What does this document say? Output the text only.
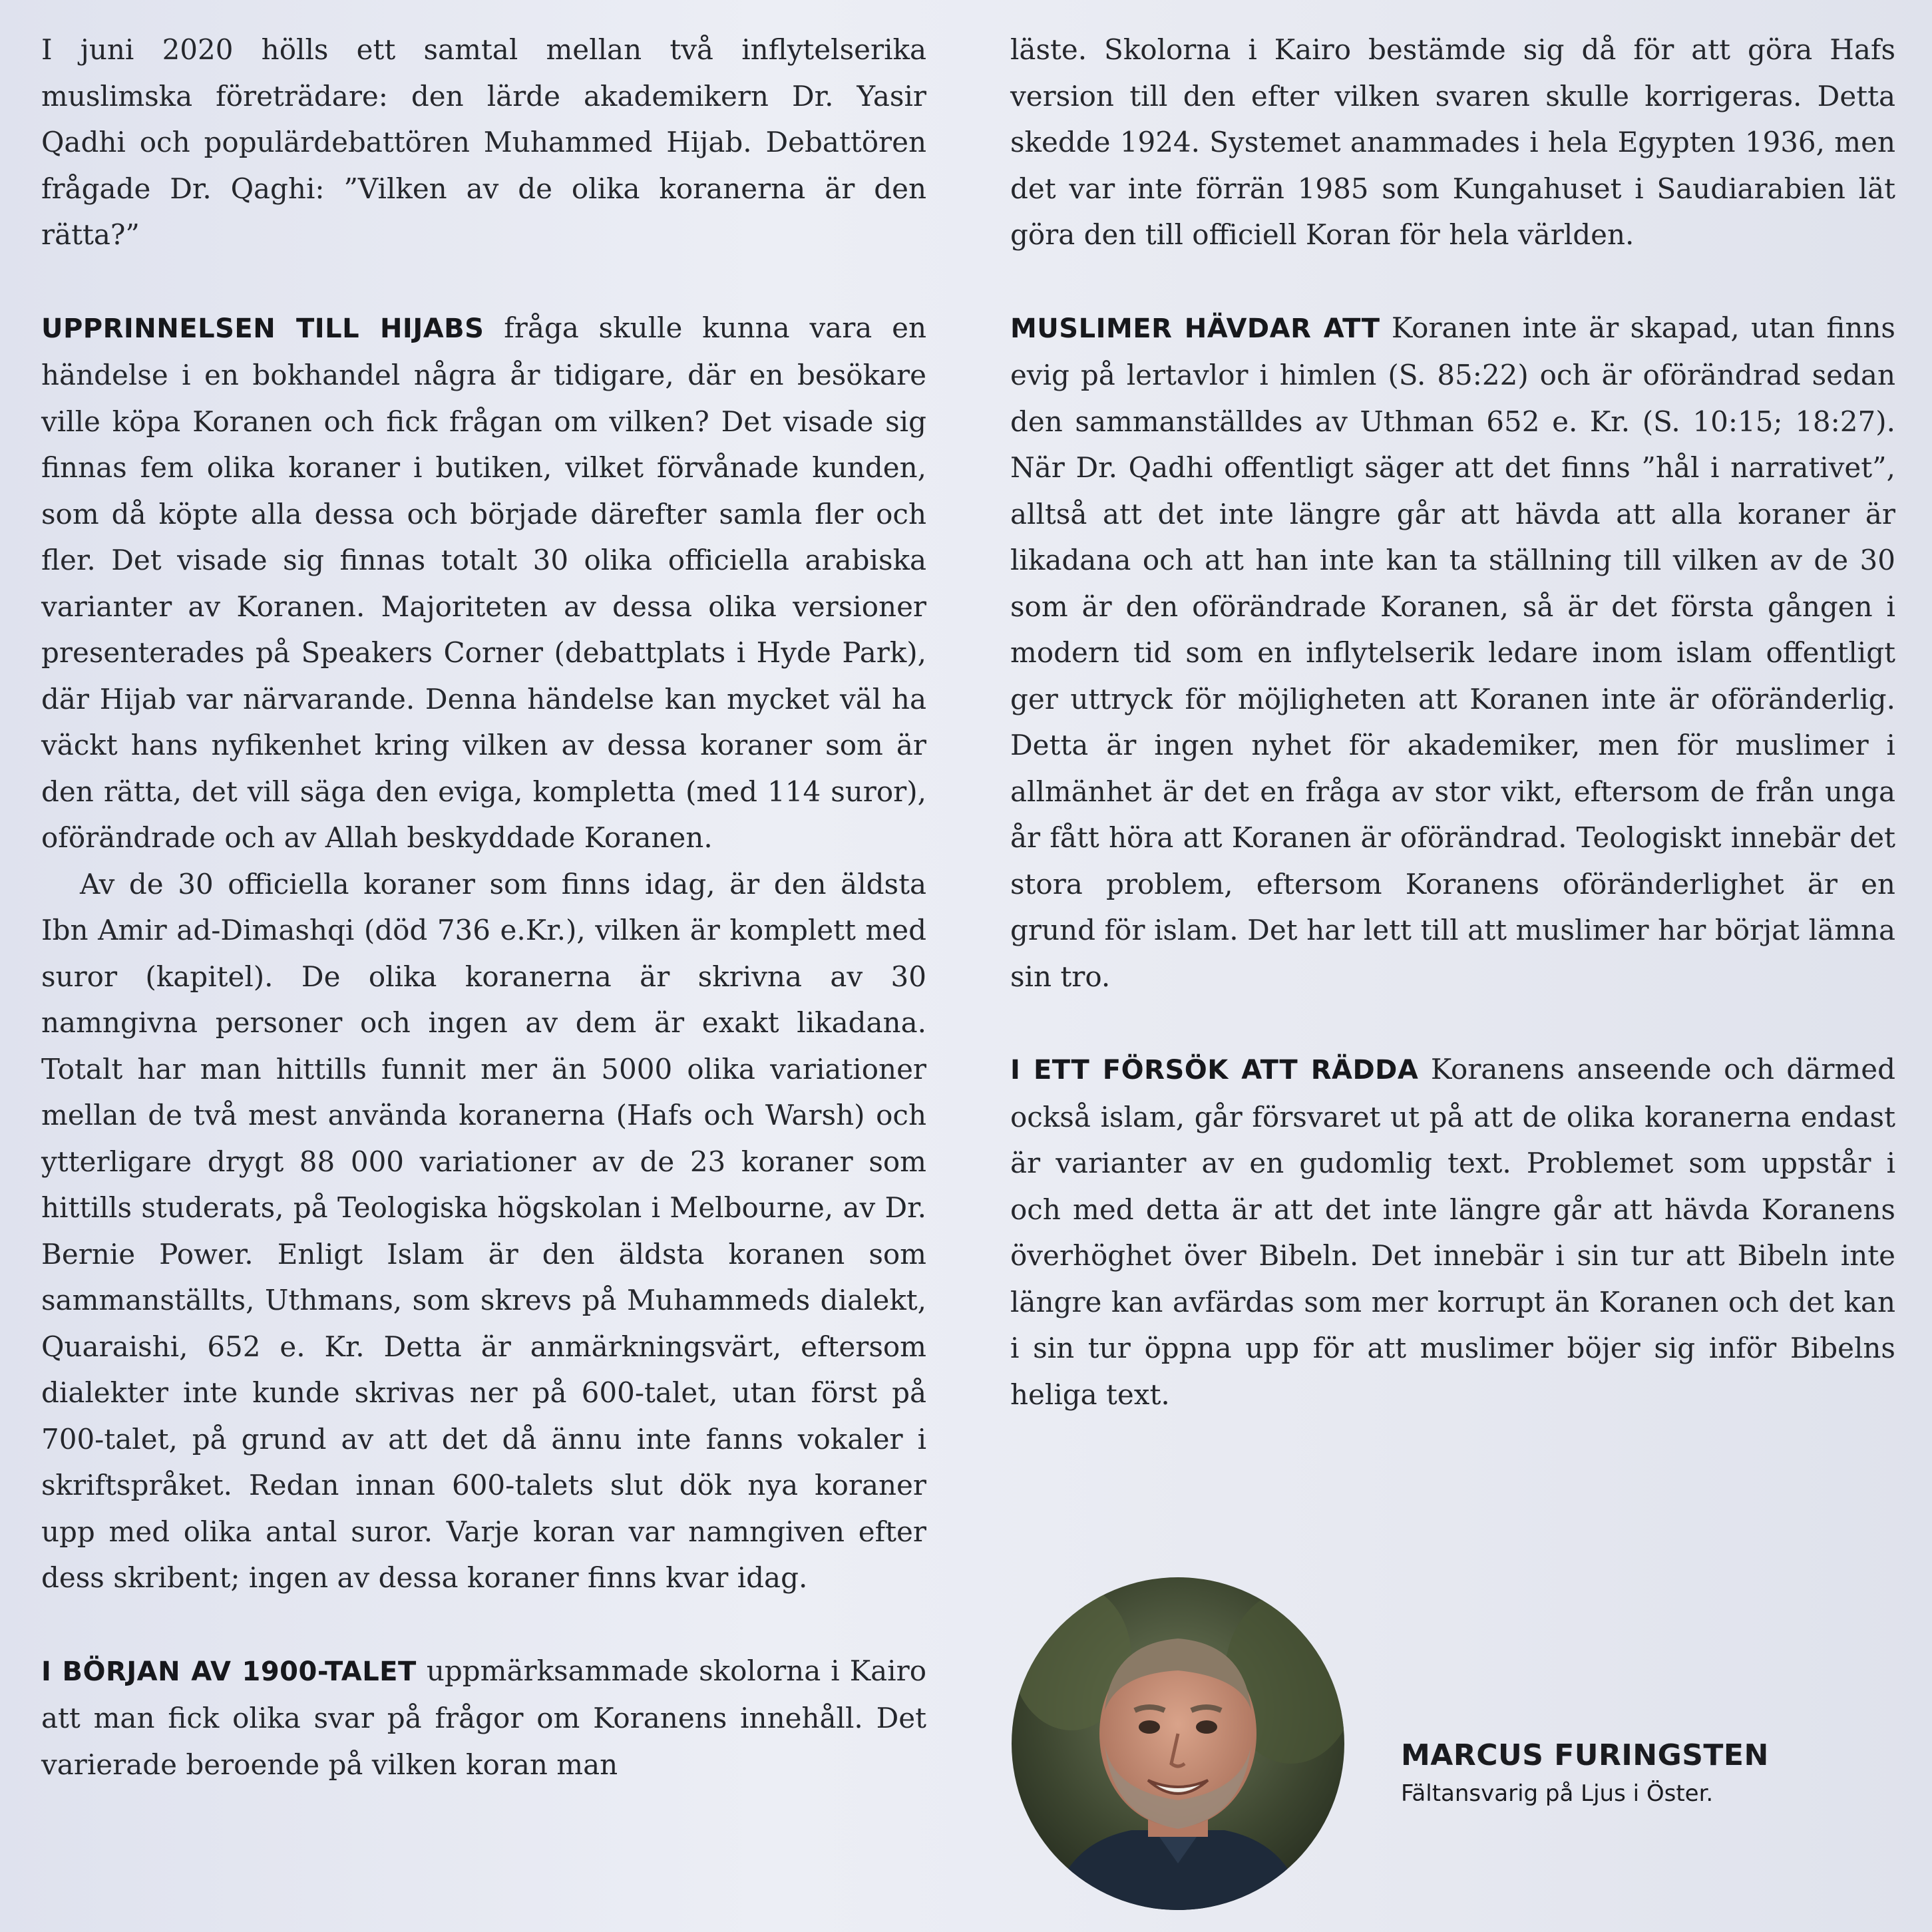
I juni 2020 hölls ett samtal mellan två inflytelserika muslimska företrädare: den lärde akademikern Dr. Yasir Qadhi och populärdebattören Muhammed Hijab. Debattören frågade Dr. Qaghi: ”Vilken av de olika koranerna är den rätta?”

UPPRINNELSEN TILL HIJABS fråga skulle kunna vara en händelse i en bokhandel några år tidigare, där en besökare ville köpa Koranen och fick frågan om vilken? Det visade sig finnas fem olika koraner i butiken, vilket förvånade kunden, som då köpte alla dessa och började därefter samla fler och fler. Det visade sig finnas totalt 30 olika officiella arabiska varianter av Koranen. Majoriteten av dessa olika versioner presenterades på Speakers Corner (debattplats i Hyde Park), där Hijab var närvarande. Denna händelse kan mycket väl ha väckt hans nyfikenhet kring vilken av dessa koraner som är den rätta, det vill säga den eviga, kompletta (med 114 suror), oförändrade och av Allah beskyddade Koranen.

Av de 30 officiella koraner som finns idag, är den äldsta Ibn Amir ad-Dimashqi (död 736 e.Kr.), vilken är komplett med suror (kapitel). De olika koranerna är skrivna av 30 namngivna personer och ingen av dem är exakt likadana. Totalt har man hittills funnit mer än 5000 olika variationer mellan de två mest använda koranerna (Hafs och Warsh) och ytterligare drygt 88 000 variationer av de 23 koraner som hittills studerats, på Teologiska högskolan i Melbourne, av Dr. Bernie Power. Enligt Islam är den äldsta koranen som sammanställts, Uthmans, som skrevs på Muhammeds dialekt, Quaraishi, 652 e. Kr. Detta är anmärkningsvärt, eftersom dialekter inte kunde skrivas ner på 600-talet, utan först på 700-talet, på grund av att det då ännu inte fanns vokaler i skriftspråket. Redan innan 600-talets slut dök nya koraner upp med olika antal suror. Varje koran var namngiven efter dess skribent; ingen av dessa koraner finns kvar idag.

I BÖRJAN AV 1900-TALET uppmärksammade skolorna i Kairo att man fick olika svar på frågor om Koranens innehåll. Det varierade beroende på vilken koran man

läste. Skolorna i Kairo bestämde sig då för att göra Hafs version till den efter vilken svaren skulle korrigeras. Detta skedde 1924. Systemet anammades i hela Egypten 1936, men det var inte förrän 1985 som Kungahuset i Saudiarabien lät göra den till officiell Koran för hela världen.

MUSLIMER HÄVDAR ATT Koranen inte är skapad, utan finns evig på lertavlor i himlen (S. 85:22) och är oförändrad sedan den sammanställdes av Uthman 652 e. Kr. (S. 10:15; 18:27). När Dr. Qadhi offentligt säger att det finns ”hål i narrativet”, alltså att det inte längre går att hävda att alla koraner är likadana och att han inte kan ta ställning till vilken av de 30 som är den oförändrade Koranen, så är det första gången i modern tid som en inflytelserik ledare inom islam offentligt ger uttryck för möjligheten att Koranen inte är oföränderlig. Detta är ingen nyhet för akademiker, men för muslimer i allmänhet är det en fråga av stor vikt, eftersom de från unga år fått höra att Koranen är oförändrad. Teologiskt innebär det stora problem, eftersom Koranens oföränderlighet är en grund för islam. Det har lett till att muslimer har börjat lämna sin tro.

I ETT FÖRSÖK ATT RÄDDA Koranens anseende och därmed också islam, går försvaret ut på att de olika koranerna endast är varianter av en gudomlig text. Problemet som uppstår i och med detta är att det inte längre går att hävda Koranens överhöghet över Bibeln. Det innebär i sin tur att Bibeln inte längre kan avfärdas som mer korrupt än Koranen och det kan i sin tur öppna upp för att muslimer böjer sig inför Bibelns heliga text.

MARCUS FURINGSTEN
Fältansvarig på Ljus i Öster.
